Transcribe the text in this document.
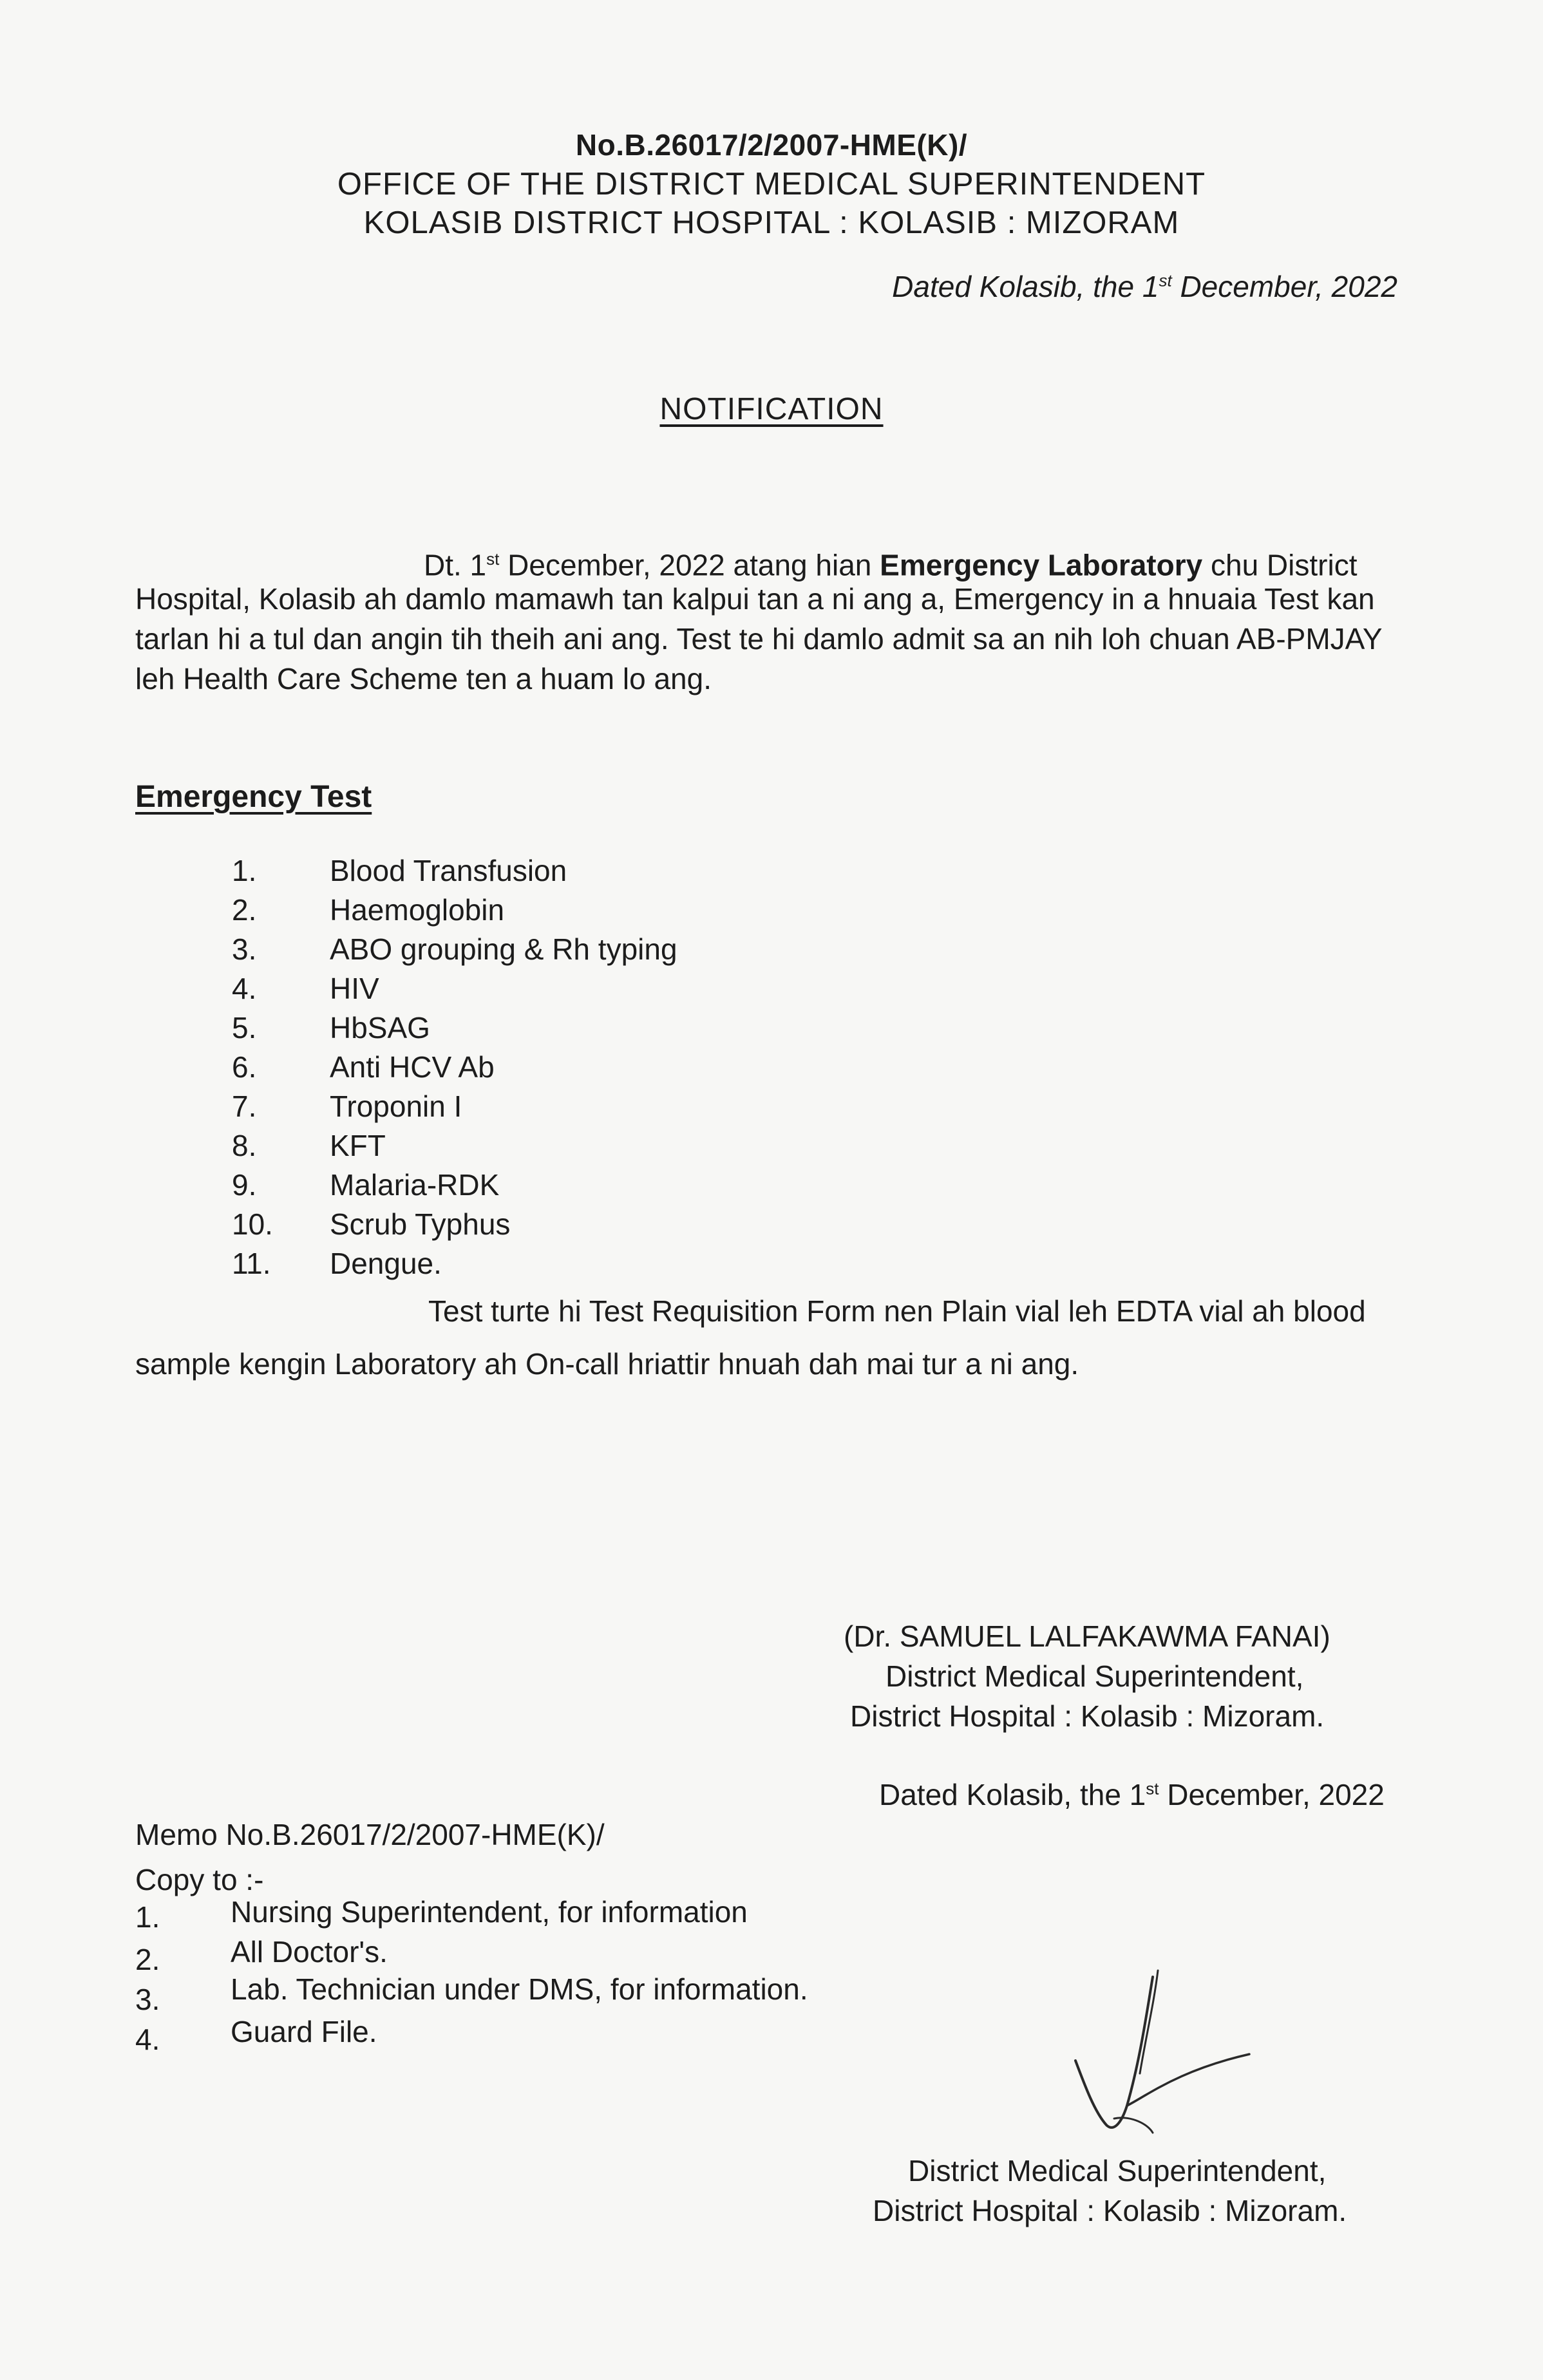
No.B.26017/2/2007-HME(K)/
OFFICE OF THE DISTRICT MEDICAL SUPERINTENDENT
KOLASIB DISTRICT HOSPITAL : KOLASIB : MIZORAM
Dated Kolasib, the 1st December, 2022
NOTIFICATION
Dt. 1st December, 2022 atang hian Emergency Laboratory chu District
Hospital, Kolasib ah damlo mamawh tan kalpui tan a ni ang a, Emergency in a hnuaia Test kan
tarlan hi a tul dan angin tih theih ani ang. Test te hi damlo admit sa an nih loh chuan AB-PMJAY
leh Health Care Scheme ten a huam lo ang.
Emergency Test
1.	Blood Transfusion
2.	Haemoglobin
3.	ABO grouping & Rh typing
4.	HIV
5.	HbSAG
6.	Anti HCV Ab
7.	Troponin I
8.	KFT
9.	Malaria-RDK
10.	Scrub Typhus
11.	Dengue.
Test turte hi Test Requisition Form nen Plain vial leh EDTA vial ah blood
sample kengin Laboratory ah On-call hriattir hnuah dah mai tur a ni ang.
(Dr. SAMUEL LALFAKAWMA FANAI)
District Medical Superintendent,
District Hospital : Kolasib : Mizoram.
Dated Kolasib, the 1st December, 2022
Memo No.B.26017/2/2007-HME(K)/
Copy to :-
1. Nursing Superintendent, for information
2. All Doctor's.
3. Lab. Technician under DMS, for information.
4. Guard File.
District Medical Superintendent,
District Hospital : Kolasib : Mizoram.
